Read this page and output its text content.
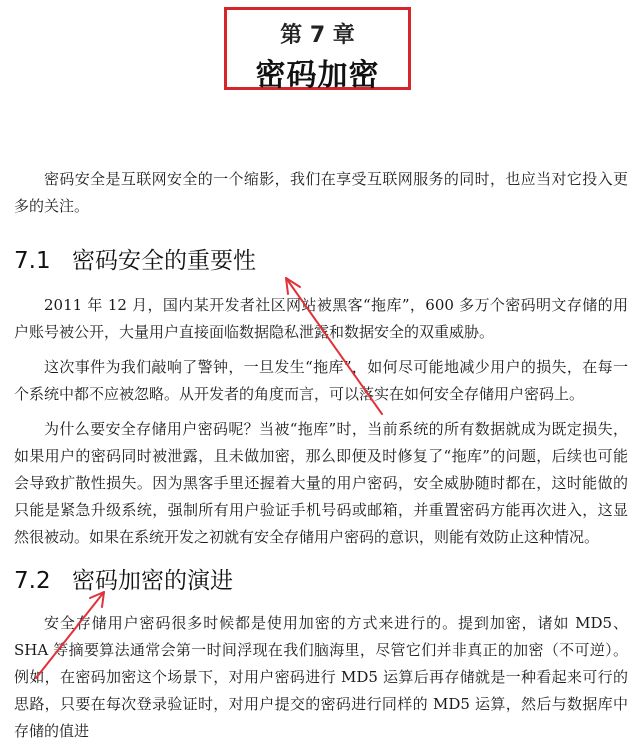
第 7 章
密码加密

密码安全是互联网安全的一个缩影，我们在享受互联网服务的同时，也应当对它投入更多的关注。

7.1 密码安全的重要性

2011 年 12 月，国内某开发者社区网站被黑客“拖库”，600 多万个密码明文存储的用户账号被公开，大量用户直接面临数据隐私泄露和数据安全的双重威胁。

这次事件为我们敲响了警钟，一旦发生“拖库”，如何尽可能地减少用户的损失，在每一个系统中都不应被忽略。从开发者的角度而言，可以落实在如何安全存储用户密码上。

为什么要安全存储用户密码呢？当被“拖库”时，当前系统的所有数据就成为既定损失，如果用户的密码同时被泄露，且未做加密，那么即便及时修复了“拖库”的问题，后续也可能会导致扩散性损失。因为黑客手里还握着大量的用户密码，安全威胁随时都在，这时能做的只能是紧急升级系统，强制所有用户验证手机号码或邮箱，并重置密码方能再次进入，这显然很被动。如果在系统开发之初就有安全存储用户密码的意识，则能有效防止这种情况。

7.2 密码加密的演进

安全存储用户密码很多时候都是使用加密的方式来进行的。提到加密，诸如 MD5、SHA 等摘要算法通常会第一时间浮现在我们脑海里，尽管它们并非真正的加密（不可逆）。例如，在密码加密这个场景下，对用户密码进行 MD5 运算后再存储就是一种看起来可行的思路，只要在每次登录验证时，对用户提交的密码进行同样的 MD5 运算，然后与数据库中存储的值进
